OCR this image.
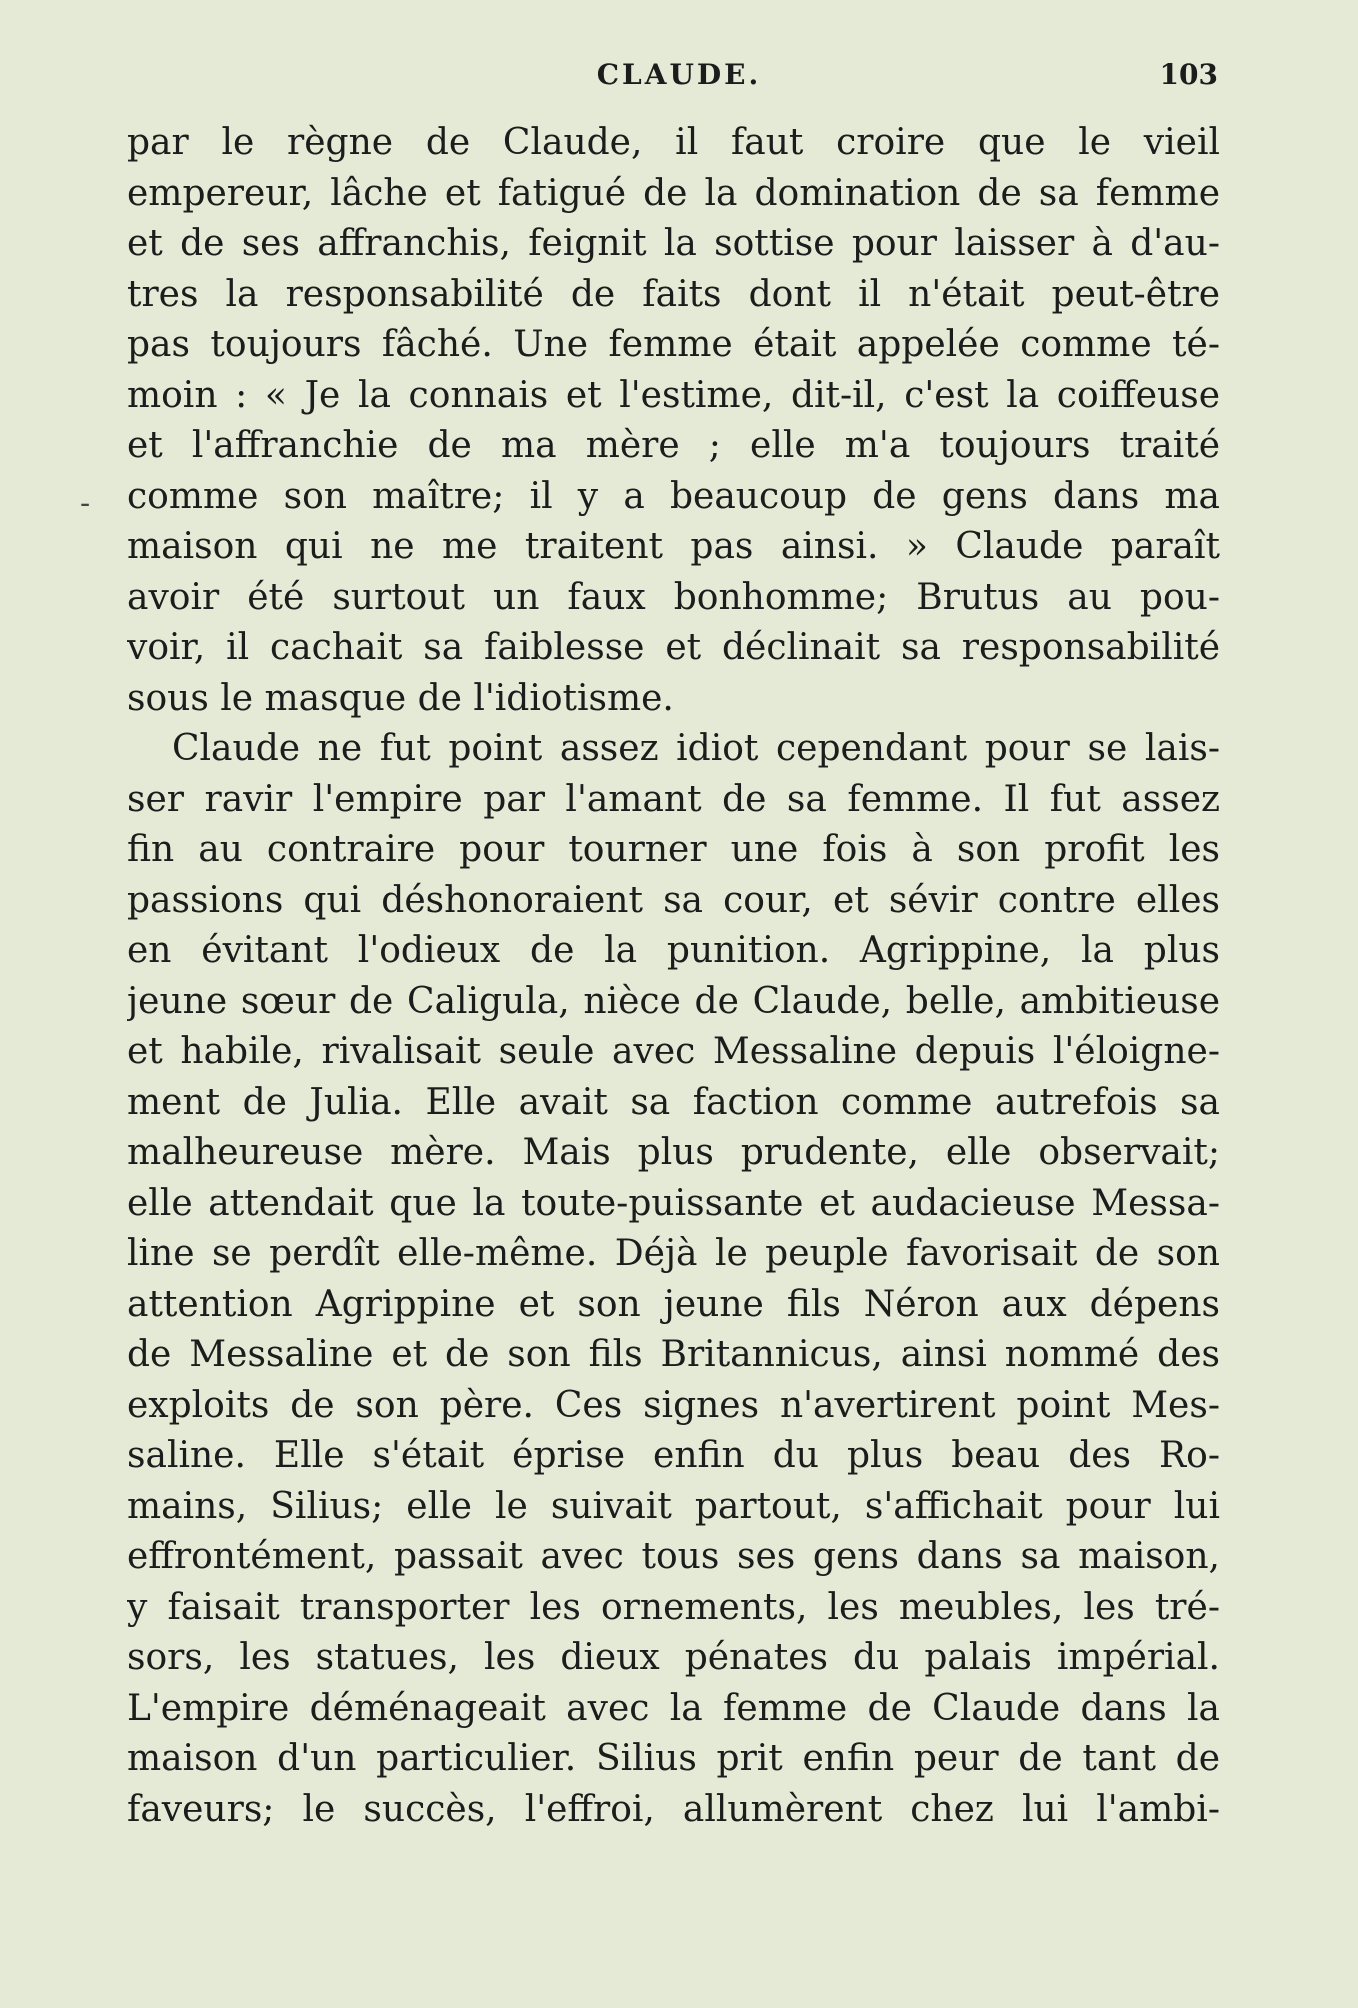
CLAUDE.	103
-
par le règne de Claude, il faut croire que le vieil
empereur, lâche et fatigué de la domination de sa femme
et de ses affranchis, feignit la sottise pour laisser à d'au-
tres la responsabilité de faits dont il n'était peut-être
pas toujours fâché. Une femme était appelée comme té-
moin : « Je la connais et l'estime, dit-il, c'est la coiffeuse
et l'affranchie de ma mère ; elle m'a toujours traité
comme son maître; il y a beaucoup de gens dans ma
maison qui ne me traitent pas ainsi. » Claude paraît
avoir été surtout un faux bonhomme; Brutus au pou-
voir, il cachait sa faiblesse et déclinait sa responsabilité
sous le masque de l'idiotisme.
Claude ne fut point assez idiot cependant pour se lais-
ser ravir l'empire par l'amant de sa femme. Il fut assez
fin au contraire pour tourner une fois à son profit les
passions qui déshonoraient sa cour, et sévir contre elles
en évitant l'odieux de la punition. Agrippine, la plus
jeune sœur de Caligula, nièce de Claude, belle, ambitieuse
et habile, rivalisait seule avec Messaline depuis l'éloigne-
ment de Julia. Elle avait sa faction comme autrefois sa
malheureuse mère. Mais plus prudente, elle observait;
elle attendait que la toute-puissante et audacieuse Messa-
line se perdît elle-même. Déjà le peuple favorisait de son
attention Agrippine et son jeune fils Néron aux dépens
de Messaline et de son fils Britannicus, ainsi nommé des
exploits de son père. Ces signes n'avertirent point Mes-
saline. Elle s'était éprise enfin du plus beau des Ro-
mains, Silius; elle le suivait partout, s'affichait pour lui
effrontément, passait avec tous ses gens dans sa maison,
y faisait transporter les ornements, les meubles, les tré-
sors, les statues, les dieux pénates du palais impérial.
L'empire déménageait avec la femme de Claude dans la
maison d'un particulier. Silius prit enfin peur de tant de
faveurs; le succès, l'effroi, allumèrent chez lui l'ambi-
